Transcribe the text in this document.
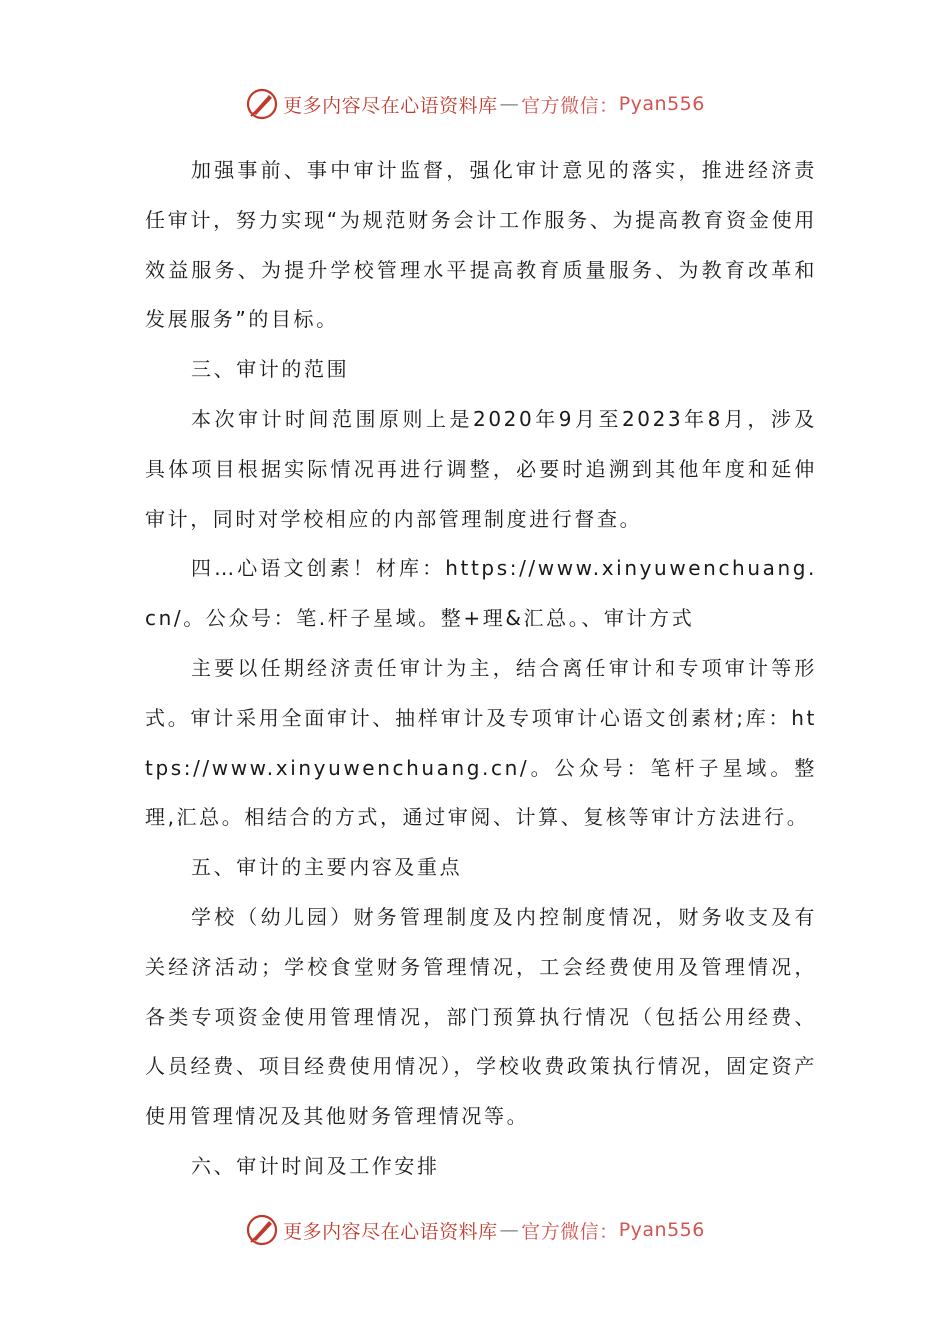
更多内容尽在心语资料库 — 官方微信： Pyan556

加强事前、事中审计监督，强化审计意见的落实，推进经济责任审计，努力实现“为规范财务会计工作服务、为提高教育资金使用效益服务、为提升学校管理水平提高教育质量服务、为教育改革和发展服务”的目标。

三、审计的范围

本次审计时间范围原则上是2020年9月至2023年8月，涉及具体项目根据实际情况再进行调整，必要时追溯到其他年度和延伸审计，同时对学校相应的内部管理制度进行督查。

四…心语文创素！材库：https://www.xinyuwenchuang.cn/。公众号：笔.杆子星域。整+理&汇总。、审计方式

主要以任期经济责任审计为主，结合离任审计和专项审计等形式。审计采用全面审计、抽样审计及专项审计心语文创素材;库：https://www.xinyuwenchuang.cn/。公众号：笔杆子星域。整理,汇总。相结合的方式，通过审阅、计算、复核等审计方法进行。

五、审计的主要内容及重点

学校（幼儿园）财务管理制度及内控制度情况，财务收支及有关经济活动；学校食堂财务管理情况，工会经费使用及管理情况，各类专项资金使用管理情况，部门预算执行情况（包括公用经费、人员经费、项目经费使用情况），学校收费政策执行情况，固定资产使用管理情况及其他财务管理情况等。

六、审计时间及工作安排

更多内容尽在心语资料库 — 官方微信： Pyan556
